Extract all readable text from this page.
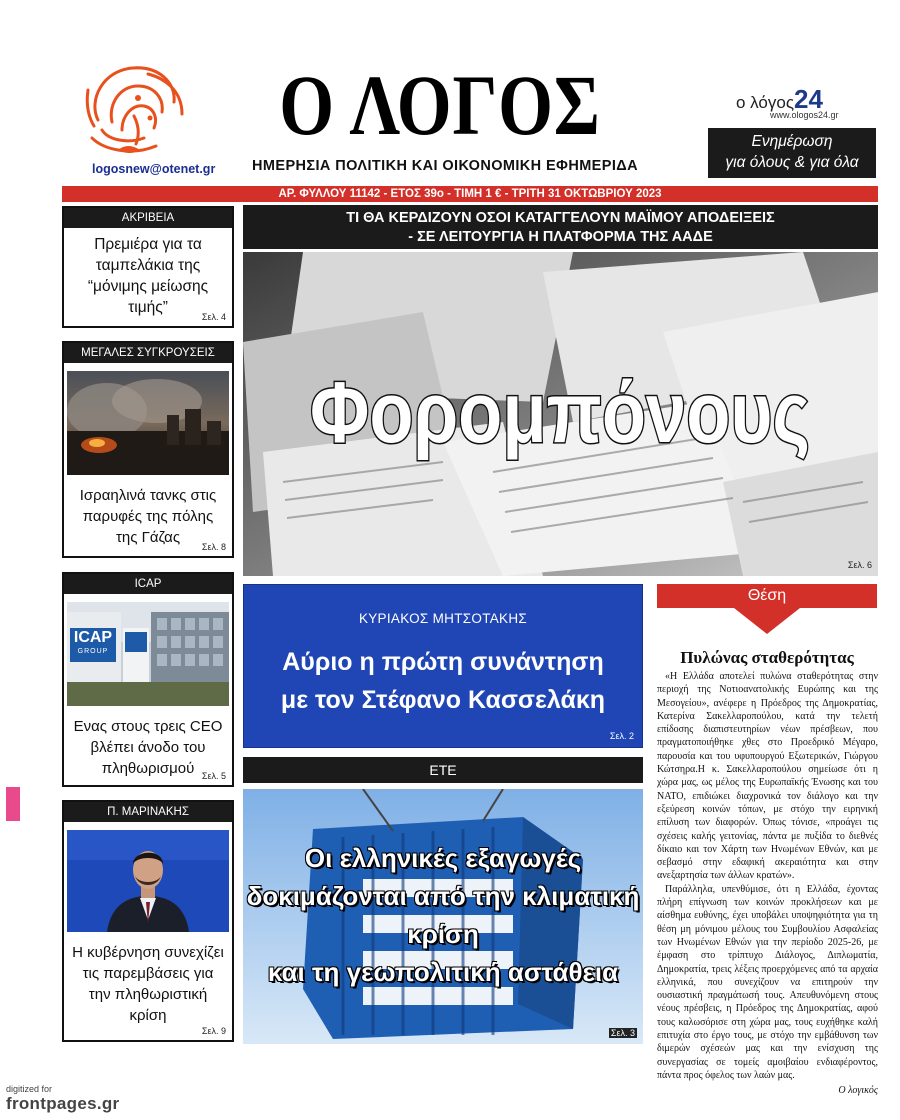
logosnew@otenet.gr
Ο ΛΟΓΟΣ
ΗΜΕΡΗΣΙΑ ΠΟΛΙΤΙΚΗ ΚΑΙ ΟΙΚΟΝΟΜΙΚΗ ΕΦΗΜΕΡΙΔΑ
ο λόγος24
www.ologos24.gr
Ενημέρωση
για όλους & για όλα
ΑΡ. ΦΥΛΛΟΥ 11142 - ΕΤΟΣ 39ο - ΤΙΜΗ 1 € - ΤΡΙΤΗ 31 ΟΚΤΩΒΡΙΟΥ 2023
ΑΚΡΙΒΕΙΑ
Πρεμιέρα για τα ταμπελάκια της “μόνιμης μείωσης τιμής”
Σελ. 4
ΜΕΓΑΛΕΣ ΣΥΓΚΡΟΥΣΕΙΣ
Ισραηλινά τανκς στις παρυφές της πόλης της Γάζας
Σελ. 8
ICAP
ICAP
GROUP
Ενας στους τρεις CEO βλέπει άνοδο του πληθωρισμού Σελ. 5
Π. ΜΑΡΙΝΑΚΗΣ
Η κυβέρνηση συνεχίζει τις παρεμβάσεις για την πληθωριστική κρίση
Σελ. 9
ΤΙ ΘΑ ΚΕΡΔΙΖΟΥΝ ΟΣΟΙ ΚΑΤΑΓΓΕΛΟΥΝ ΜΑΪΜΟΥ ΑΠΟΔΕΙΞΕΙΣ
- ΣΕ ΛΕΙΤΟΥΡΓΙΑ Η ΠΛΑΤΦΟΡΜΑ ΤΗΣ ΑΑΔΕ
Φορομπόνους
Σελ. 6
ΚΥΡΙΑΚΟΣ ΜΗΤΣΟΤΑΚΗΣ
Αύριο η πρώτη συνάντηση
με τον Στέφανο Κασσελάκη
Σελ. 2
ΕΤΕ
Οι ελληνικές εξαγωγές
δοκιμάζονται από την κλιματική κρίση
και τη γεωπολιτική αστάθεια
Σελ. 3
Θέση
Πυλώνας σταθερότητας

«Η Ελλάδα αποτελεί πυλώνα σταθερότητας στην περιοχή της Νοτιοανατολικής Ευρώπης και της Μεσογείου», ανέφερε η Πρόεδρος της Δημοκρατίας, Κατερίνα Σακελλαροπούλου, κατά την τελετή επίδοσης διαπιστευτηρίων νέων πρέσβεων, που πραγματοποιήθηκε χθες στο Προεδρικό Μέγαρο, παρουσία και του υφυπουργού Εξωτερικών, Γιώργου Κώτσηρα.Η κ. Σακελλαροπούλου σημείωσε ότι η χώρα μας, ως μέλος της Ευρωπαϊκής Ένωσης και του ΝΑΤΟ, επιδιώκει διαχρονικά τον διάλογο και την εξεύρεση κοινών τόπων, με στόχο την ειρηνική επίλυση των διαφορών. Όπως τόνισε, «προάγει τις σχέσεις καλής γειτονίας, πάντα με πυξίδα το διεθνές δίκαιο και τον Χάρτη των Ηνωμένων Εθνών, και με σεβασμό στην εδαφική ακεραιότητα και στην ανεξαρτησία των άλλων κρατών».

Παράλληλα, υπενθύμισε, ότι η Ελλάδα, έχοντας πλήρη επίγνωση των κοινών προκλήσεων και με αίσθημα ευθύνης, έχει υποβάλει υποψηφιότητα για τη θέση μη μόνιμου μέλους του Συμβουλίου Ασφαλείας των Ηνωμένων Εθνών για την περίοδο 2025-26, με έμφαση στο τρίπτυχο Διάλογος, Διπλωματία, Δημοκρατία, τρεις λέξεις προερχόμενες από τα αρχαία ελληνικά, που συνεχίζουν να επιτηρούν την ουσιαστική πραγμάτωσή τους. Απευθυνόμενη στους νέους πρέσβεις, η Πρόεδρος της Δημοκρατίας, αφού τους καλωσόρισε στη χώρα μας, τους ευχήθηκε καλή επιτυχία στο έργο τους, με στόχο την εμβάθυνση των διμερών σχέσεών μας και την ενίσχυση της συνεργασίας σε τομείς αμοιβαίου ενδιαφέροντος, πάντα προς όφελος των λαών μας.

Ο λογικός
digitized for
frontpages.gr
